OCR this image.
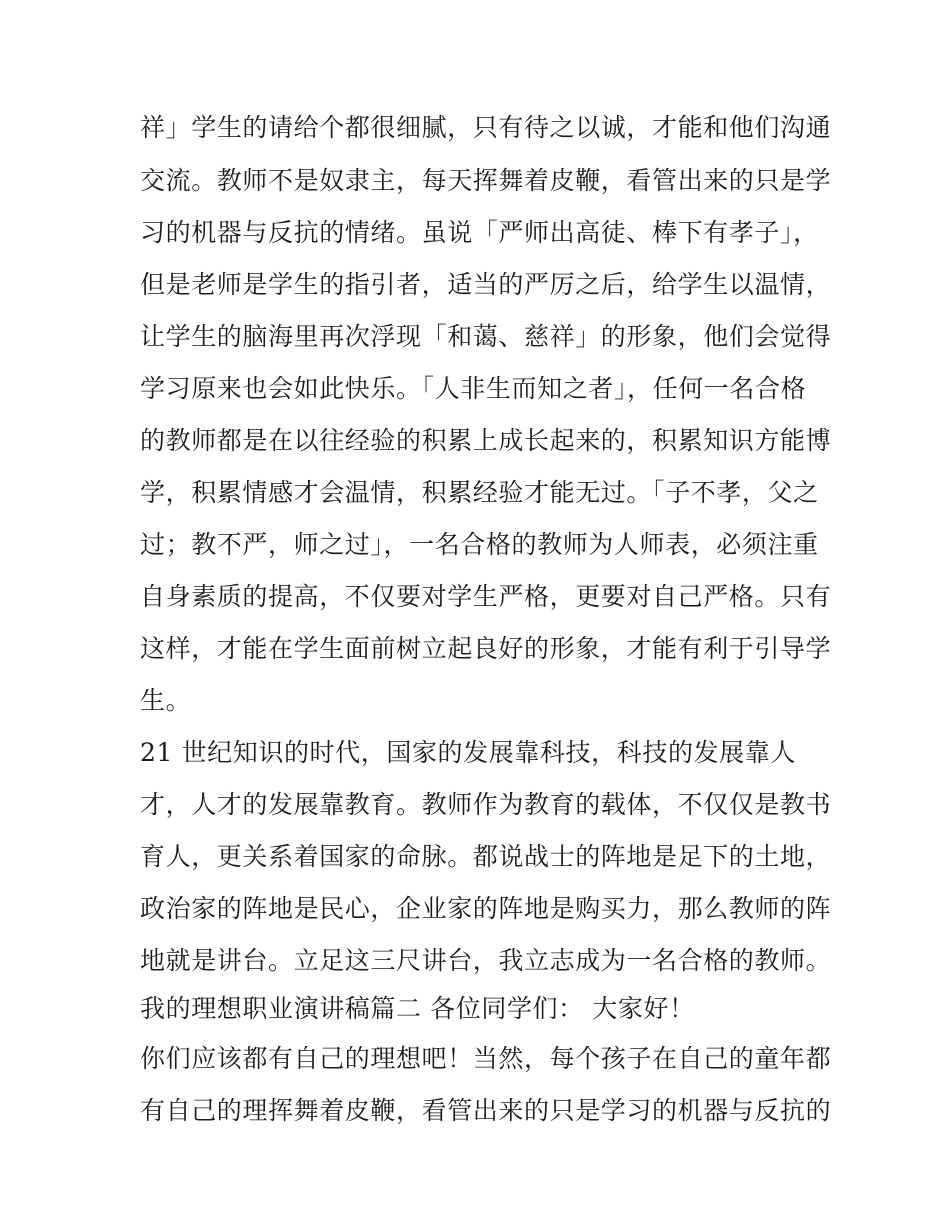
祥」学生的请给个都很细腻，只有待之以诚，才能和他们沟通
交流。教师不是奴隶主，每天挥舞着皮鞭，看管出来的只是学
习的机器与反抗的情绪。虽说「严师出高徒、棒下有孝子」，
但是老师是学生的指引者，适当的严厉之后，给学生以温情，
让学生的脑海里再次浮现「和蔼、慈祥」的形象，他们会觉得
学习原来也会如此快乐。「人非生而知之者」，任何一名合格
的教师都是在以往经验的积累上成长起来的，积累知识方能博
学，积累情感才会温情，积累经验才能无过。「子不孝，父之
过；教不严，师之过」，一名合格的教师为人师表，必须注重
自身素质的提高，不仅要对学生严格，更要对自己严格。只有
这样，才能在学生面前树立起良好的形象，才能有利于引导学
生。
21 世纪知识的时代，国家的发展靠科技，科技的发展靠人
才，人才的发展靠教育。教师作为教育的载体，不仅仅是教书
育人，更关系着国家的命脉。都说战士的阵地是足下的土地，
政治家的阵地是民心，企业家的阵地是购买力，那么教师的阵
地就是讲台。立足这三尺讲台，我立志成为一名合格的教师。
我的理想职业演讲稿篇二 各位同学们： 大家好！
你们应该都有自己的理想吧！当然，每个孩子在自己的童年都
有自己的理挥舞着皮鞭，看管出来的只是学习的机器与反抗的
